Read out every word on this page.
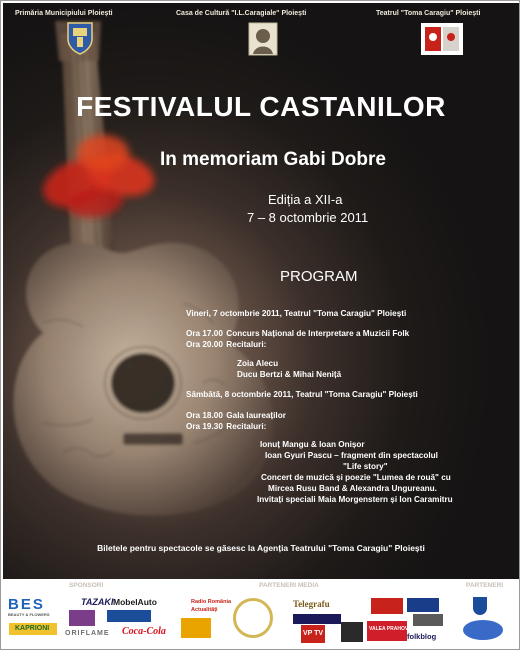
Primăria Municipiului Ploiești	Casa de Cultură "I.L.Caragiale" Ploiești	Teatrul "Toma Caragiu" Ploiești
FESTIVALUL CASTANILOR
In memoriam Gabi Dobre
Ediția a XII-a
7 – 8 octombrie 2011
PROGRAM
Vineri, 7 octombrie 2011, Teatrul "Toma Caragiu" Ploiești
Ora 17.00 Concurs Național de Interpretare a Muzicii Folk
Ora 20.00 Recitaluri:
Zoia Alecu
Ducu Bertzi & Mihai Neniță
Sâmbătă, 8 octombrie 2011, Teatrul "Toma Caragiu" Ploiești
Ora 18.00 Gala laureaților
Ora 19.30 Recitaluri:
Ionuț Mangu & Ioan Onișor
Ioan Gyuri Pascu – fragment din spectacolul
"Life story"
Concert de muzică și poezie "Lumea de rouă" cu
Mircea Rusu Band & Alexandra Ungureanu.
Invitați speciali Maia Morgenstern și Ion Caramitru
Biletele pentru spectacole se găsesc la Agenția Teatrului "Toma Caragiu" Ploiești
SPONSORI	PARTENERI MEDIA	PARTENERI
BES
BEAUTY & FLOWERS
KAPRIONI
TAZAKI MobelAuto
ORIFLAME Coca-Cola
Radio România
Actualități
Telegrafu
VP TV
VALEA PRAHOVEI
folkblog
